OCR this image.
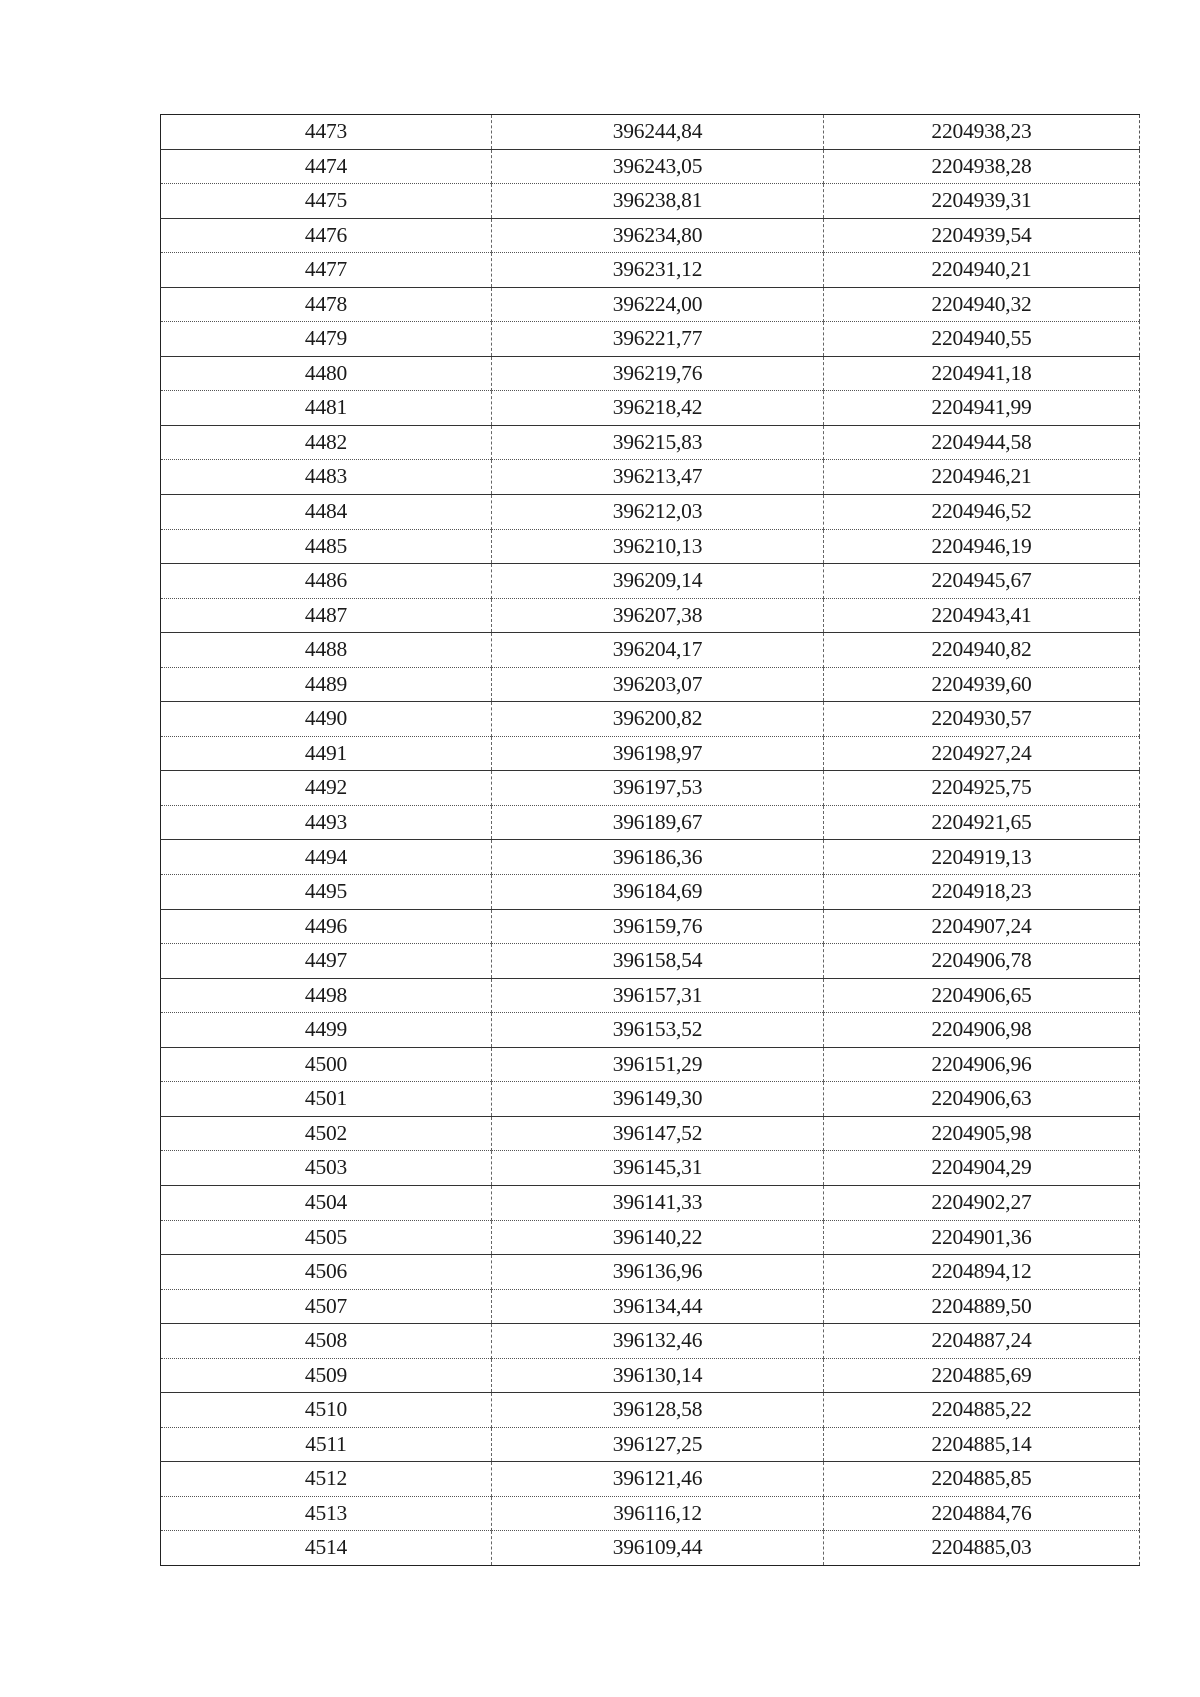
4473	396244,84	2204938,23
4474	396243,05	2204938,28
4475	396238,81	2204939,31
4476	396234,80	2204939,54
4477	396231,12	2204940,21
4478	396224,00	2204940,32
4479	396221,77	2204940,55
4480	396219,76	2204941,18
4481	396218,42	2204941,99
4482	396215,83	2204944,58
4483	396213,47	2204946,21
4484	396212,03	2204946,52
4485	396210,13	2204946,19
4486	396209,14	2204945,67
4487	396207,38	2204943,41
4488	396204,17	2204940,82
4489	396203,07	2204939,60
4490	396200,82	2204930,57
4491	396198,97	2204927,24
4492	396197,53	2204925,75
4493	396189,67	2204921,65
4494	396186,36	2204919,13
4495	396184,69	2204918,23
4496	396159,76	2204907,24
4497	396158,54	2204906,78
4498	396157,31	2204906,65
4499	396153,52	2204906,98
4500	396151,29	2204906,96
4501	396149,30	2204906,63
4502	396147,52	2204905,98
4503	396145,31	2204904,29
4504	396141,33	2204902,27
4505	396140,22	2204901,36
4506	396136,96	2204894,12
4507	396134,44	2204889,50
4508	396132,46	2204887,24
4509	396130,14	2204885,69
4510	396128,58	2204885,22
4511	396127,25	2204885,14
4512	396121,46	2204885,85
4513	396116,12	2204884,76
4514	396109,44	2204885,03
